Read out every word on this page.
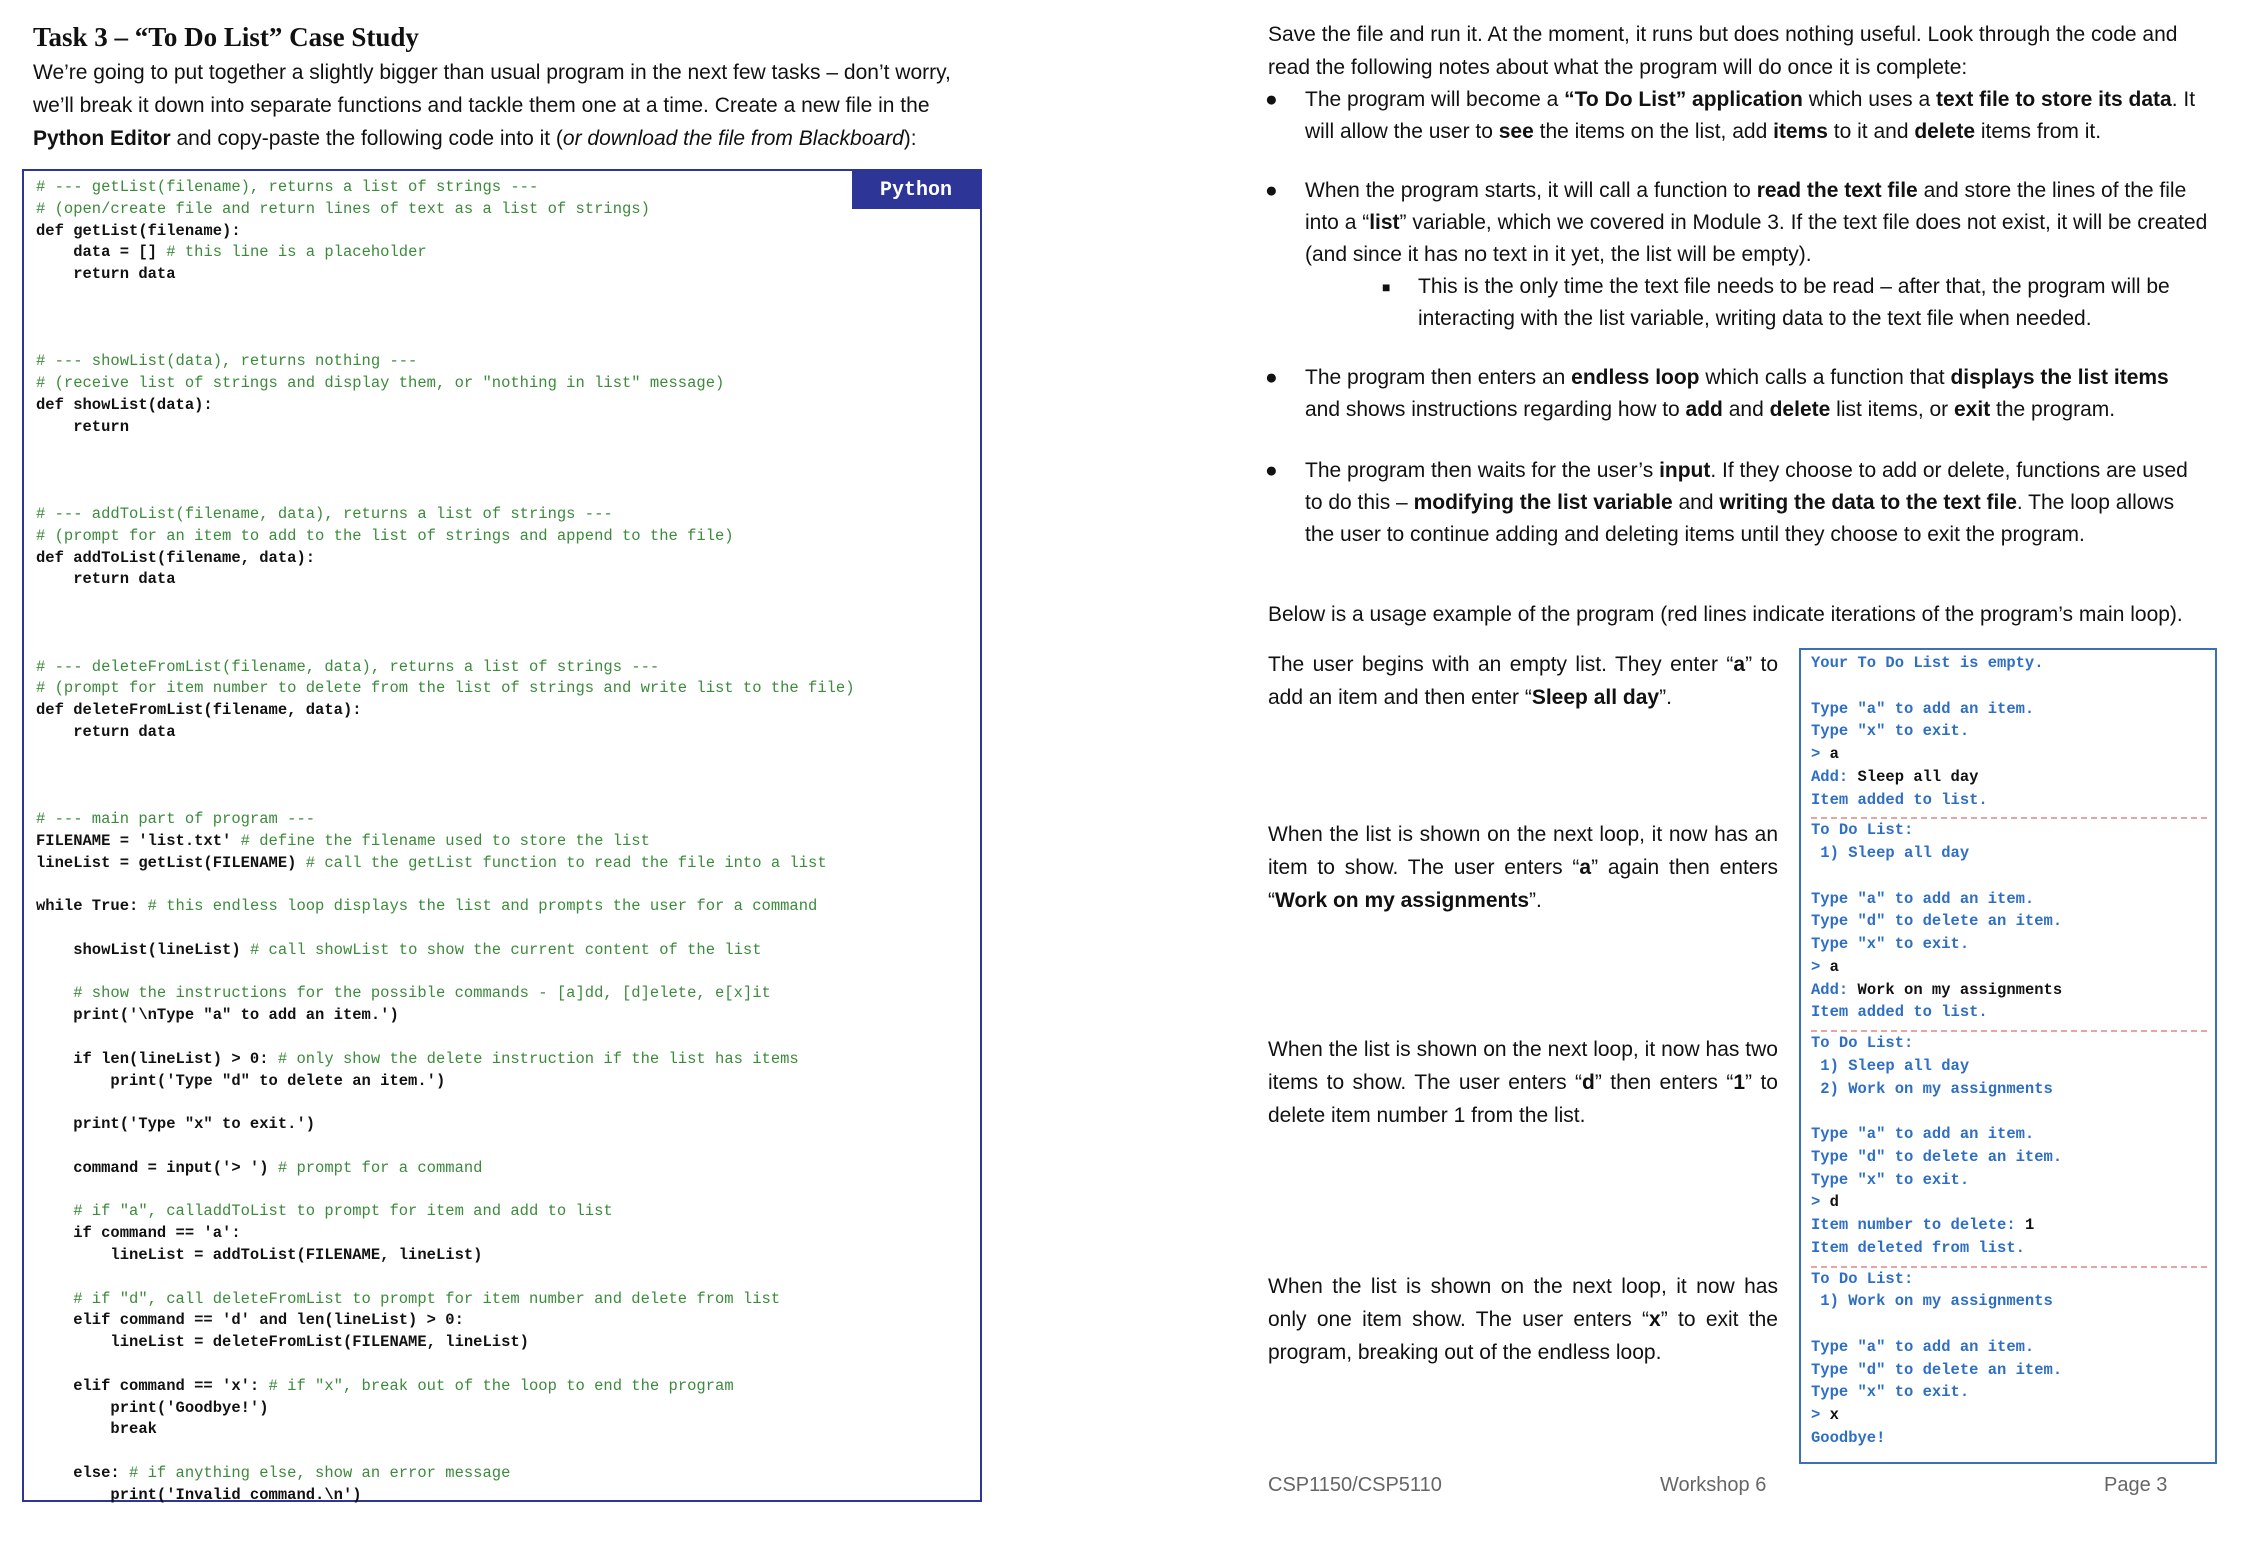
Task 3 – “To Do List” Case Study
We’re going to put together a slightly bigger than usual program in the next few tasks – don’t worry, we’ll break it down into separate functions and tackle them one at a time. Create a new file in the Python Editor and copy-paste the following code into it (or download the file from Blackboard):
Python
# --- getList(filename), returns a list of strings ---
# (open/create file and return lines of text as a list of strings)
def getList(filename):
data = [] # this line is a placeholder
return data

# --- showList(data), returns nothing ---
# (receive list of strings and display them, or "nothing in list" message)
def showList(data):
return

# --- addToList(filename, data), returns a list of strings ---
# (prompt for an item to add to the list of strings and append to the file)
def addToList(filename, data):
return data

# --- deleteFromList(filename, data), returns a list of strings ---
# (prompt for item number to delete from the list of strings and write list to the file)
def deleteFromList(filename, data):
return data

# --- main part of program ---
FILENAME = 'list.txt' # define the filename used to store the list
lineList = getList(FILENAME) # call the getList function to read the file into a list

while True: # this endless loop displays the list and prompts the user for a command

showList(lineList) # call showList to show the current content of the list

# show the instructions for the possible commands - [a]dd, [d]elete, e[x]it
print('\nType "a" to add an item.')

if len(lineList) > 0: # only show the delete instruction if the list has items
print('Type "d" to delete an item.')

print('Type "x" to exit.')

command = input('> ') # prompt for a command

# if "a", calladdToList to prompt for item and add to list
if command == 'a':
lineList = addToList(FILENAME, lineList)

# if "d", call deleteFromList to prompt for item number and delete from list
elif command == 'd' and len(lineList) > 0:
lineList = deleteFromList(FILENAME, lineList)

elif command == 'x': # if "x", break out of the loop to end the program
print('Goodbye!')
break

else: # if anything else, show an error message
print('Invalid command.\n')
Save the file and run it. At the moment, it runs but does nothing useful. Look through the code and read the following notes about what the program will do once it is complete:
● The program will become a “To Do List” application which uses a text file to store its data. It will allow the user to see the items on the list, add items to it and delete items from it.
● When the program starts, it will call a function to read the text file and store the lines of the file into a “list” variable, which we covered in Module 3. If the text file does not exist, it will be created (and since it has no text in it yet, the list will be empty).
■ This is the only time the text file needs to be read – after that, the program will be interacting with the list variable, writing data to the text file when needed.
● The program then enters an endless loop which calls a function that displays the list items and shows instructions regarding how to add and delete list items, or exit the program.
● The program then waits for the user’s input. If they choose to add or delete, functions are used to do this – modifying the list variable and writing the data to the text file. The loop allows the user to continue adding and deleting items until they choose to exit the program.
Below is a usage example of the program (red lines indicate iterations of the program’s main loop).
The user begins with an empty list. They enter “a” to add an item and then enter “Sleep all day”.
When the list is shown on the next loop, it now has an item to show. The user enters “a” again then enters “Work on my assignments”.
When the list is shown on the next loop, it now has two items to show. The user enters “d” then enters “1” to delete item number 1 from the list.
When the list is shown on the next loop, it now has only one item show. The user enters “x” to exit the program, breaking out of the endless loop.
Your To Do List is empty.
Type "a" to add an item.
Type "x" to exit.
> a
Add: Sleep all day
Item added to list.
To Do List:
1) Sleep all day
Type "a" to add an item.
Type "d" to delete an item.
Type "x" to exit.
> a
Add: Work on my assignments
Item added to list.
To Do List:
1) Sleep all day
2) Work on my assignments
Type "a" to add an item.
Type "d" to delete an item.
Type "x" to exit.
> d
Item number to delete: 1
Item deleted from list.
To Do List:
1) Work on my assignments
Type "a" to add an item.
Type "d" to delete an item.
Type "x" to exit.
> x
Goodbye!
CSP1150/CSP5110	Workshop 6	Page 3
